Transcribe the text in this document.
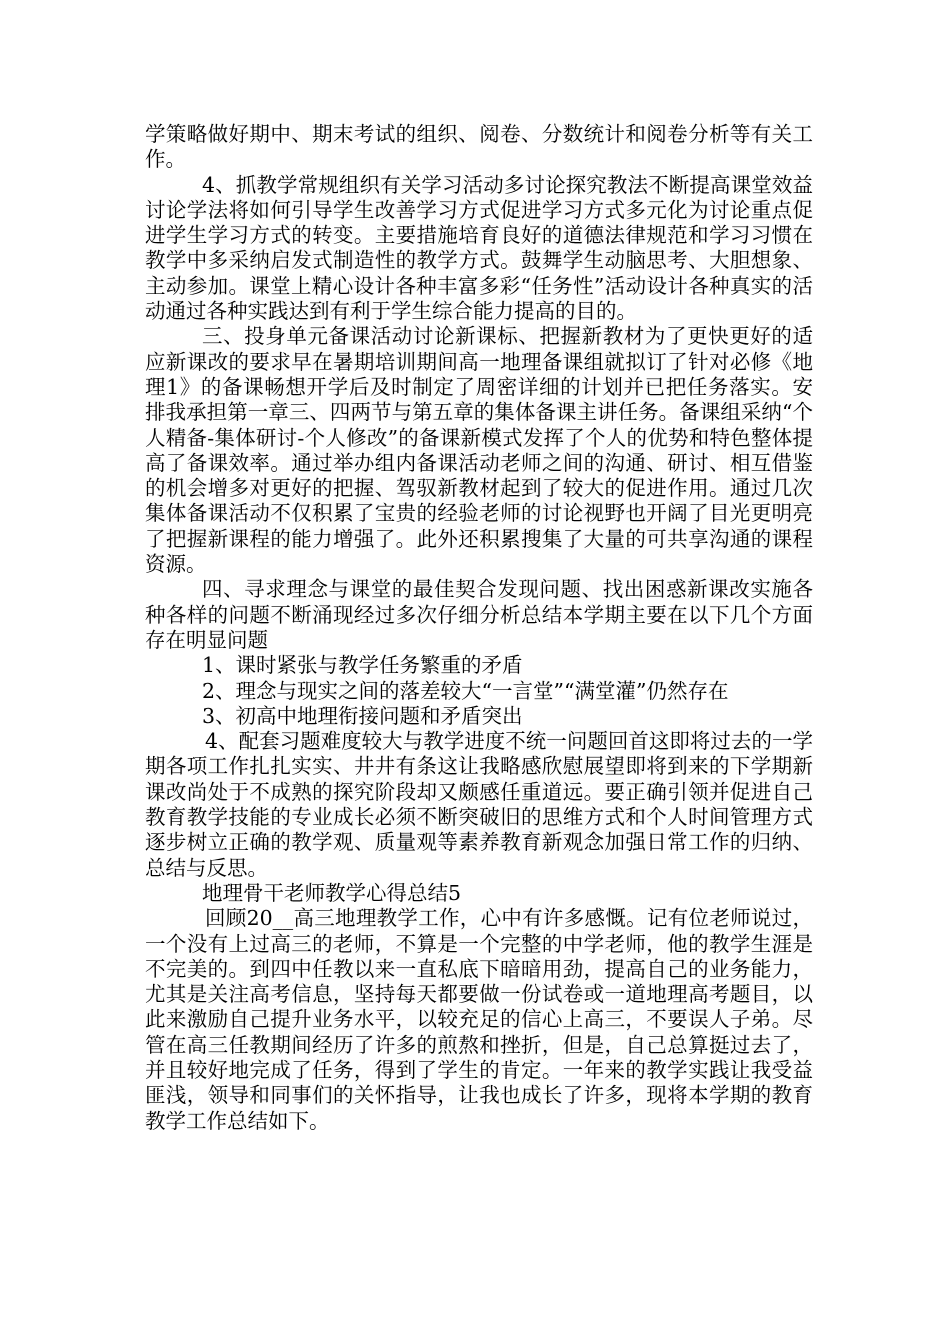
学策略做好期中、期末考试的组织、阅卷、分数统计和阅卷分析等有关工作。

4、抓教学常规组织有关学习活动多讨论探究教法不断提高课堂效益讨论学法将如何引导学生改善学习方式促进学习方式多元化为讨论重点促进学生学习方式的转变。主要措施培育良好的道德法律规范和学习习惯在教学中多采纳启发式制造性的教学方式。鼓舞学生动脑思考、大胆想象、主动参加。课堂上精心设计各种丰富多彩“任务性”活动设计各种真实的活动通过各种实践达到有利于学生综合能力提高的目的。

三、投身单元备课活动讨论新课标、把握新教材为了更快更好的适应新课改的要求早在暑期培训期间高一地理备课组就拟订了针对必修《地理1》的备课畅想开学后及时制定了周密详细的计划并已把任务落实。安排我承担第一章三、四两节与第五章的集体备课主讲任务。备课组采纳“个人精备-集体研讨-个人修改”的备课新模式发挥了个人的优势和特色整体提高了备课效率。通过举办组内备课活动老师之间的沟通、研讨、相互借鉴的机会增多对更好的把握、驾驭新教材起到了较大的促进作用。通过几次集体备课活动不仅积累了宝贵的经验老师的讨论视野也开阔了目光更明亮了把握新课程的能力增强了。此外还积累搜集了大量的可共享沟通的课程资源。

四、寻求理念与课堂的最佳契合发现问题、找出困惑新课改实施各种各样的问题不断涌现经过多次仔细分析总结本学期主要在以下几个方面存在明显问题

1、课时紧张与教学任务繁重的矛盾

2、理念与现实之间的落差较大“一言堂”“满堂灌”仍然存在

3、初高中地理衔接问题和矛盾突出

4、配套习题难度较大与教学进度不统一问题回首这即将过去的一学期各项工作扎扎实实、井井有条这让我略感欣慰展望即将到来的下学期新课改尚处于不成熟的探究阶段却又颇感任重道远。要正确引领并促进自己教育教学技能的专业成长必须不断突破旧的思维方式和个人时间管理方式逐步树立正确的教学观、质量观等素养教育新观念加强日常工作的归纳、总结与反思。

地理骨干老师教学心得总结5

回顾20__高三地理教学工作，心中有许多感慨。记有位老师说过，一个没有上过高三的老师，不算是一个完整的中学老师，他的教学生涯是不完美的。到四中任教以来一直私底下暗暗用劲，提高自己的业务能力，尤其是关注高考信息，坚持每天都要做一份试卷或一道地理高考题目，以此来激励自己提升业务水平，以较充足的信心上高三，不要误人子弟。尽管在高三任教期间经历了许多的煎熬和挫折，但是，自己总算挺过去了，并且较好地完成了任务，得到了学生的肯定。一年来的教学实践让我受益匪浅，领导和同事们的关怀指导，让我也成长了许多，现将本学期的教育教学工作总结如下。
